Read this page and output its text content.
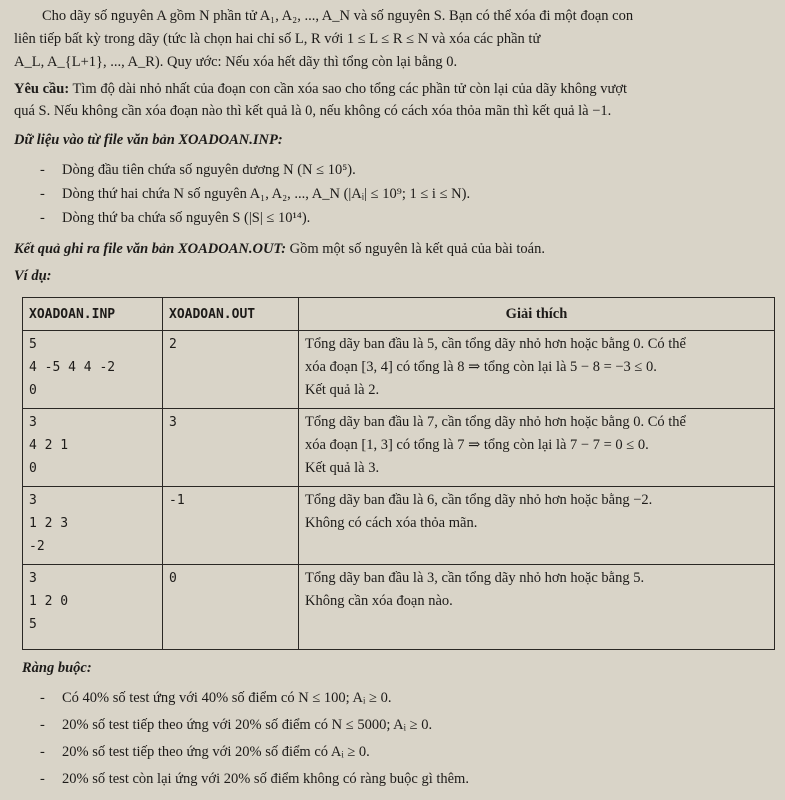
Cho dãy số nguyên A gồm N phần tử A₁, A₂, ..., A_N và số nguyên S. Bạn có thể xóa đi một đoạn con

liên tiếp bất kỳ trong dãy (tức là chọn hai chỉ số L, R với 1 ≤ L ≤ R ≤ N và xóa các phần tử

A_L, A_{L+1}, ..., A_R). Quy ước: Nếu xóa hết dãy thì tổng còn lại bằng 0.

Yêu cầu: Tìm độ dài nhỏ nhất của đoạn con cần xóa sao cho tổng các phần tử còn lại của dãy không vượt

quá S. Nếu không cần xóa đoạn nào thì kết quả là 0, nếu không có cách xóa thỏa mãn thì kết quả là −1.

Dữ liệu vào từ file văn bản XOADOAN.INP:

- Dòng đầu tiên chứa số nguyên dương N (N ≤ 10⁵).

- Dòng thứ hai chứa N số nguyên A₁, A₂, ..., A_N (|Aᵢ| ≤ 10⁹; 1 ≤ i ≤ N).

- Dòng thứ ba chứa số nguyên S (|S| ≤ 10¹⁴).

Kết quả ghi ra file văn bản XOADOAN.OUT: Gồm một số nguyên là kết quả của bài toán.

Ví dụ:

XOADOAN.INP	XOADOAN.OUT	Giải thích

5
4 -5 4 4 -2
0	2	Tổng dãy ban đầu là 5, cần tổng dãy nhỏ hơn hoặc bằng 0. Có thể
xóa đoạn [3, 4] có tổng là 8 ⇒ tổng còn lại là 5 − 8 = −3 ≤ 0.
Kết quả là 2.

3
4 2 1
0	3	Tổng dãy ban đầu là 7, cần tổng dãy nhỏ hơn hoặc bằng 0. Có thể
xóa đoạn [1, 3] có tổng là 7 ⇒ tổng còn lại là 7 − 7 = 0 ≤ 0.
Kết quả là 3.

3
1 2 3
-2	-1	Tổng dãy ban đầu là 6, cần tổng dãy nhỏ hơn hoặc bằng −2.
Không có cách xóa thỏa mãn.

3
1 2 0
5	0	Tổng dãy ban đầu là 3, cần tổng dãy nhỏ hơn hoặc bằng 5.
Không cần xóa đoạn nào.

Ràng buộc:

- Có 40% số test ứng với 40% số điểm có N ≤ 100; Aᵢ ≥ 0.

- 20% số test tiếp theo ứng với 20% số điểm có N ≤ 5000; Aᵢ ≥ 0.

- 20% số test tiếp theo ứng với 20% số điểm có Aᵢ ≥ 0.

- 20% số test còn lại ứng với 20% số điểm không có ràng buộc gì thêm.
